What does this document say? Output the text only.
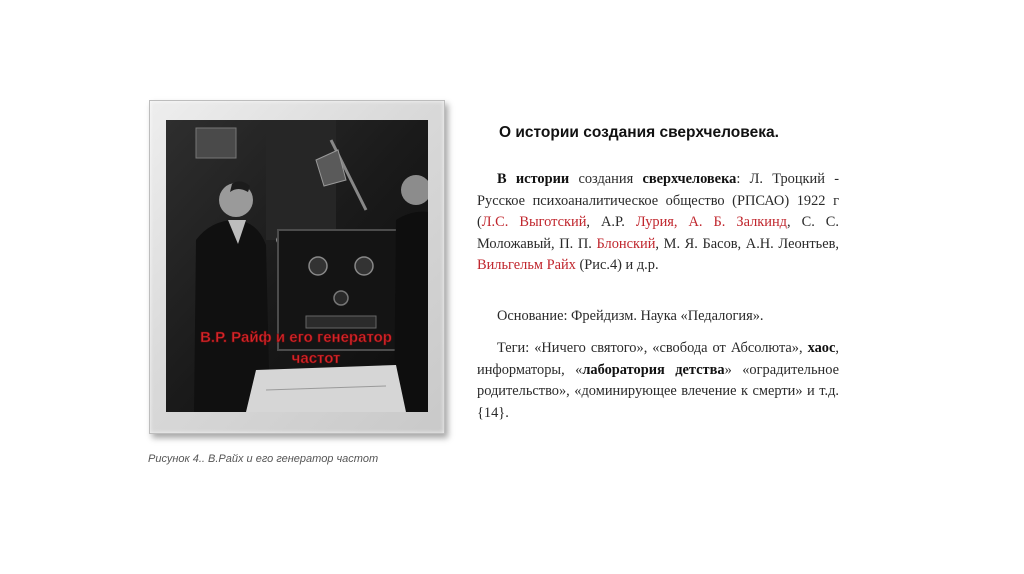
В.Р. Райф и его генератор
частот
Рисунок 4.. В.Райх и его генератор частот
О истории создания сверхчеловека.

В истории создания сверхчеловека: Л. Троцкий - Русское психоаналитическое общество (РПСАО) 1922 г (Л.С. Выготский, А.Р. Лурия, А. Б. Залкинд, С. С. Моложавый, П. П. Блонский, М. Я. Басов, А.Н. Леонтьев, Вильгельм Райх (Рис.4) и д.р.

Основание: Фрейдизм. Наука «Педалогия».

Теги: «Ничего святого», «свобода от Абсолюта», хаос, информаторы, «лаборатория детства» «оградительное родительство», «доминирующее влечение к смерти» и т.д. {14}.
